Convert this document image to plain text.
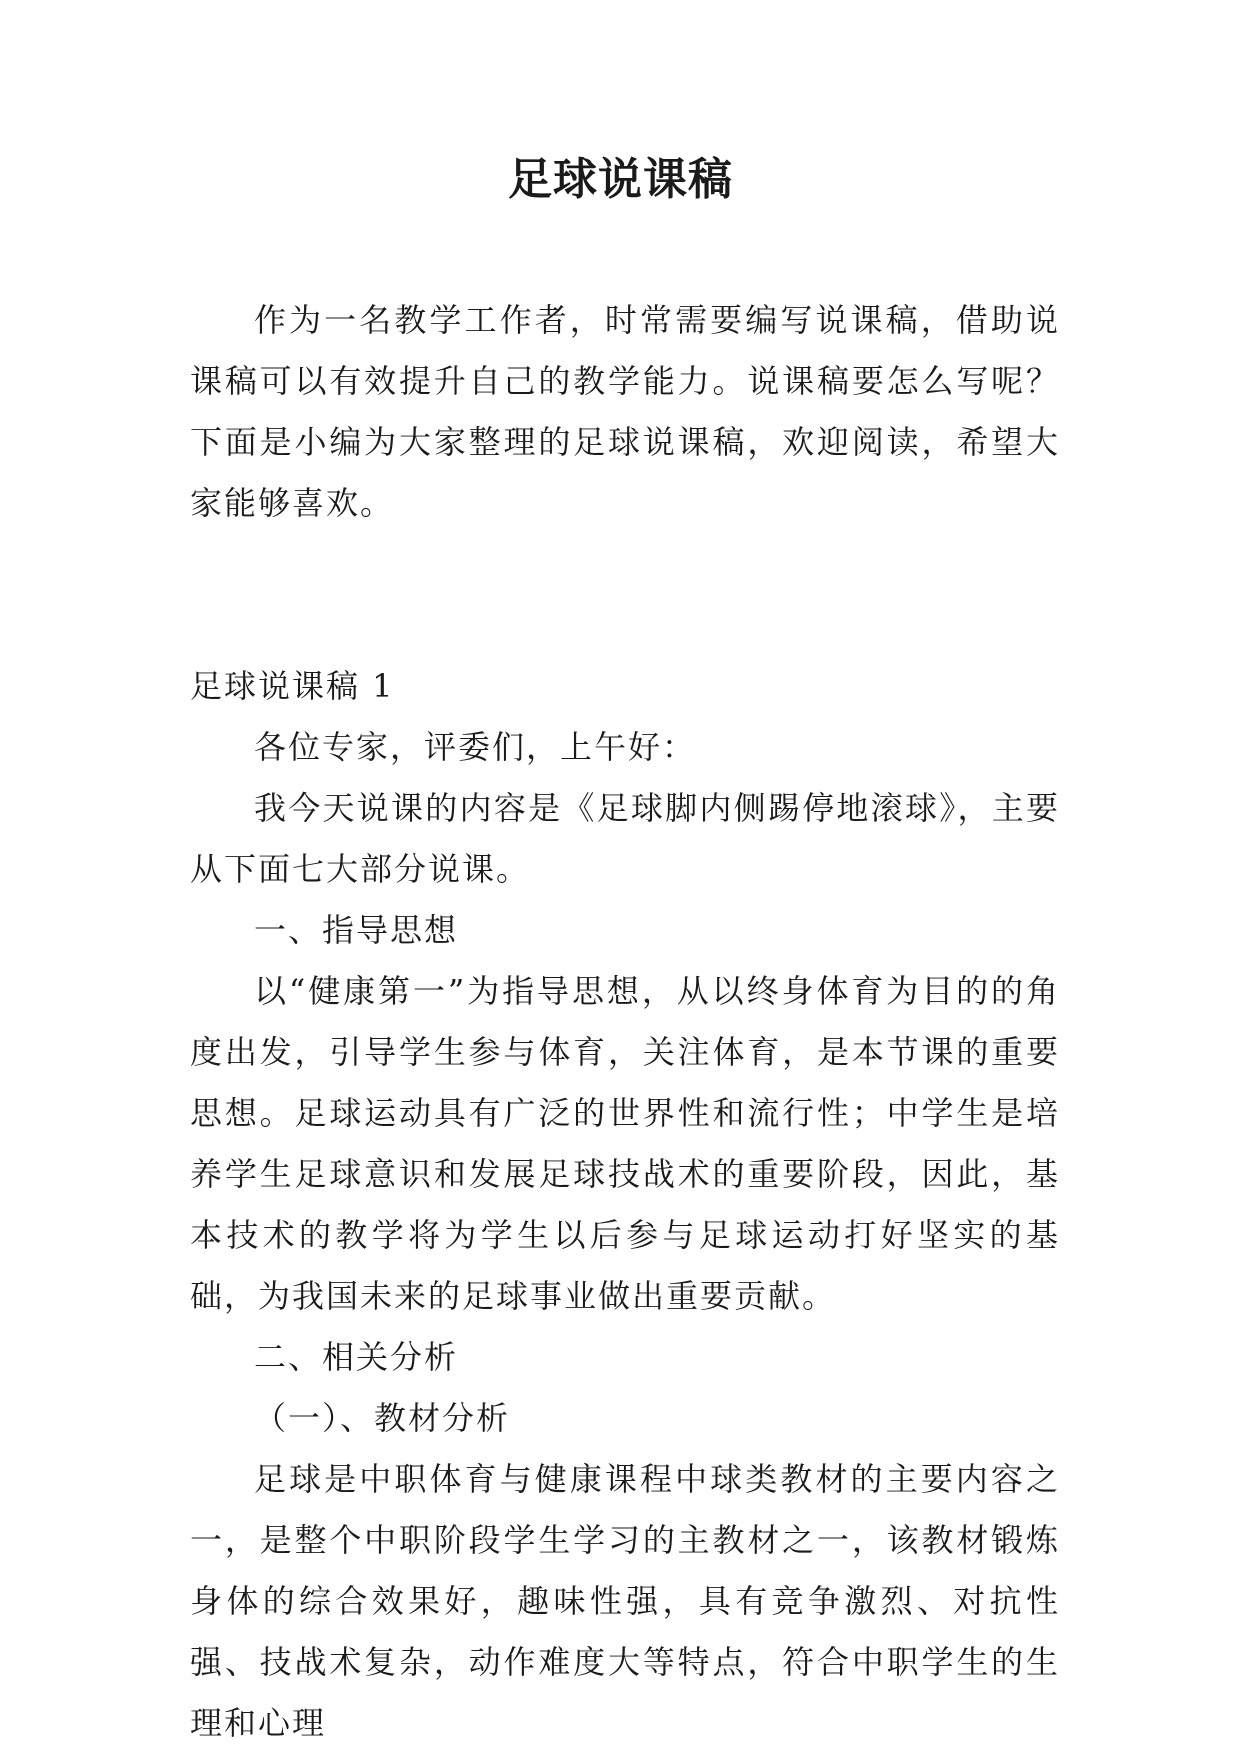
足球说课稿

作为一名教学工作者，时常需要编写说课稿，借助说课稿可以有效提升自己的教学能力。说课稿要怎么写呢？下面是小编为大家整理的足球说课稿，欢迎阅读，希望大家能够喜欢。

足球说课稿 1

各位专家，评委们，上午好：

我今天说课的内容是《足球脚内侧踢停地滚球》，主要从下面七大部分说课。

一、指导思想

以“健康第一”为指导思想，从以终身体育为目的的角度出发，引导学生参与体育，关注体育，是本节课的重要思想。足球运动具有广泛的世界性和流行性；中学生是培养学生足球意识和发展足球技战术的重要阶段，因此，基本技术的教学将为学生以后参与足球运动打好坚实的基础，为我国未来的足球事业做出重要贡献。

二、相关分析

（一）、教材分析

足球是中职体育与健康课程中球类教材的主要内容之一，是整个中职阶段学生学习的主教材之一，该教材锻炼身体的综合效果好，趣味性强，具有竞争激烈、对抗性强、技战术复杂，动作难度大等特点，符合中职学生的生理和心理
